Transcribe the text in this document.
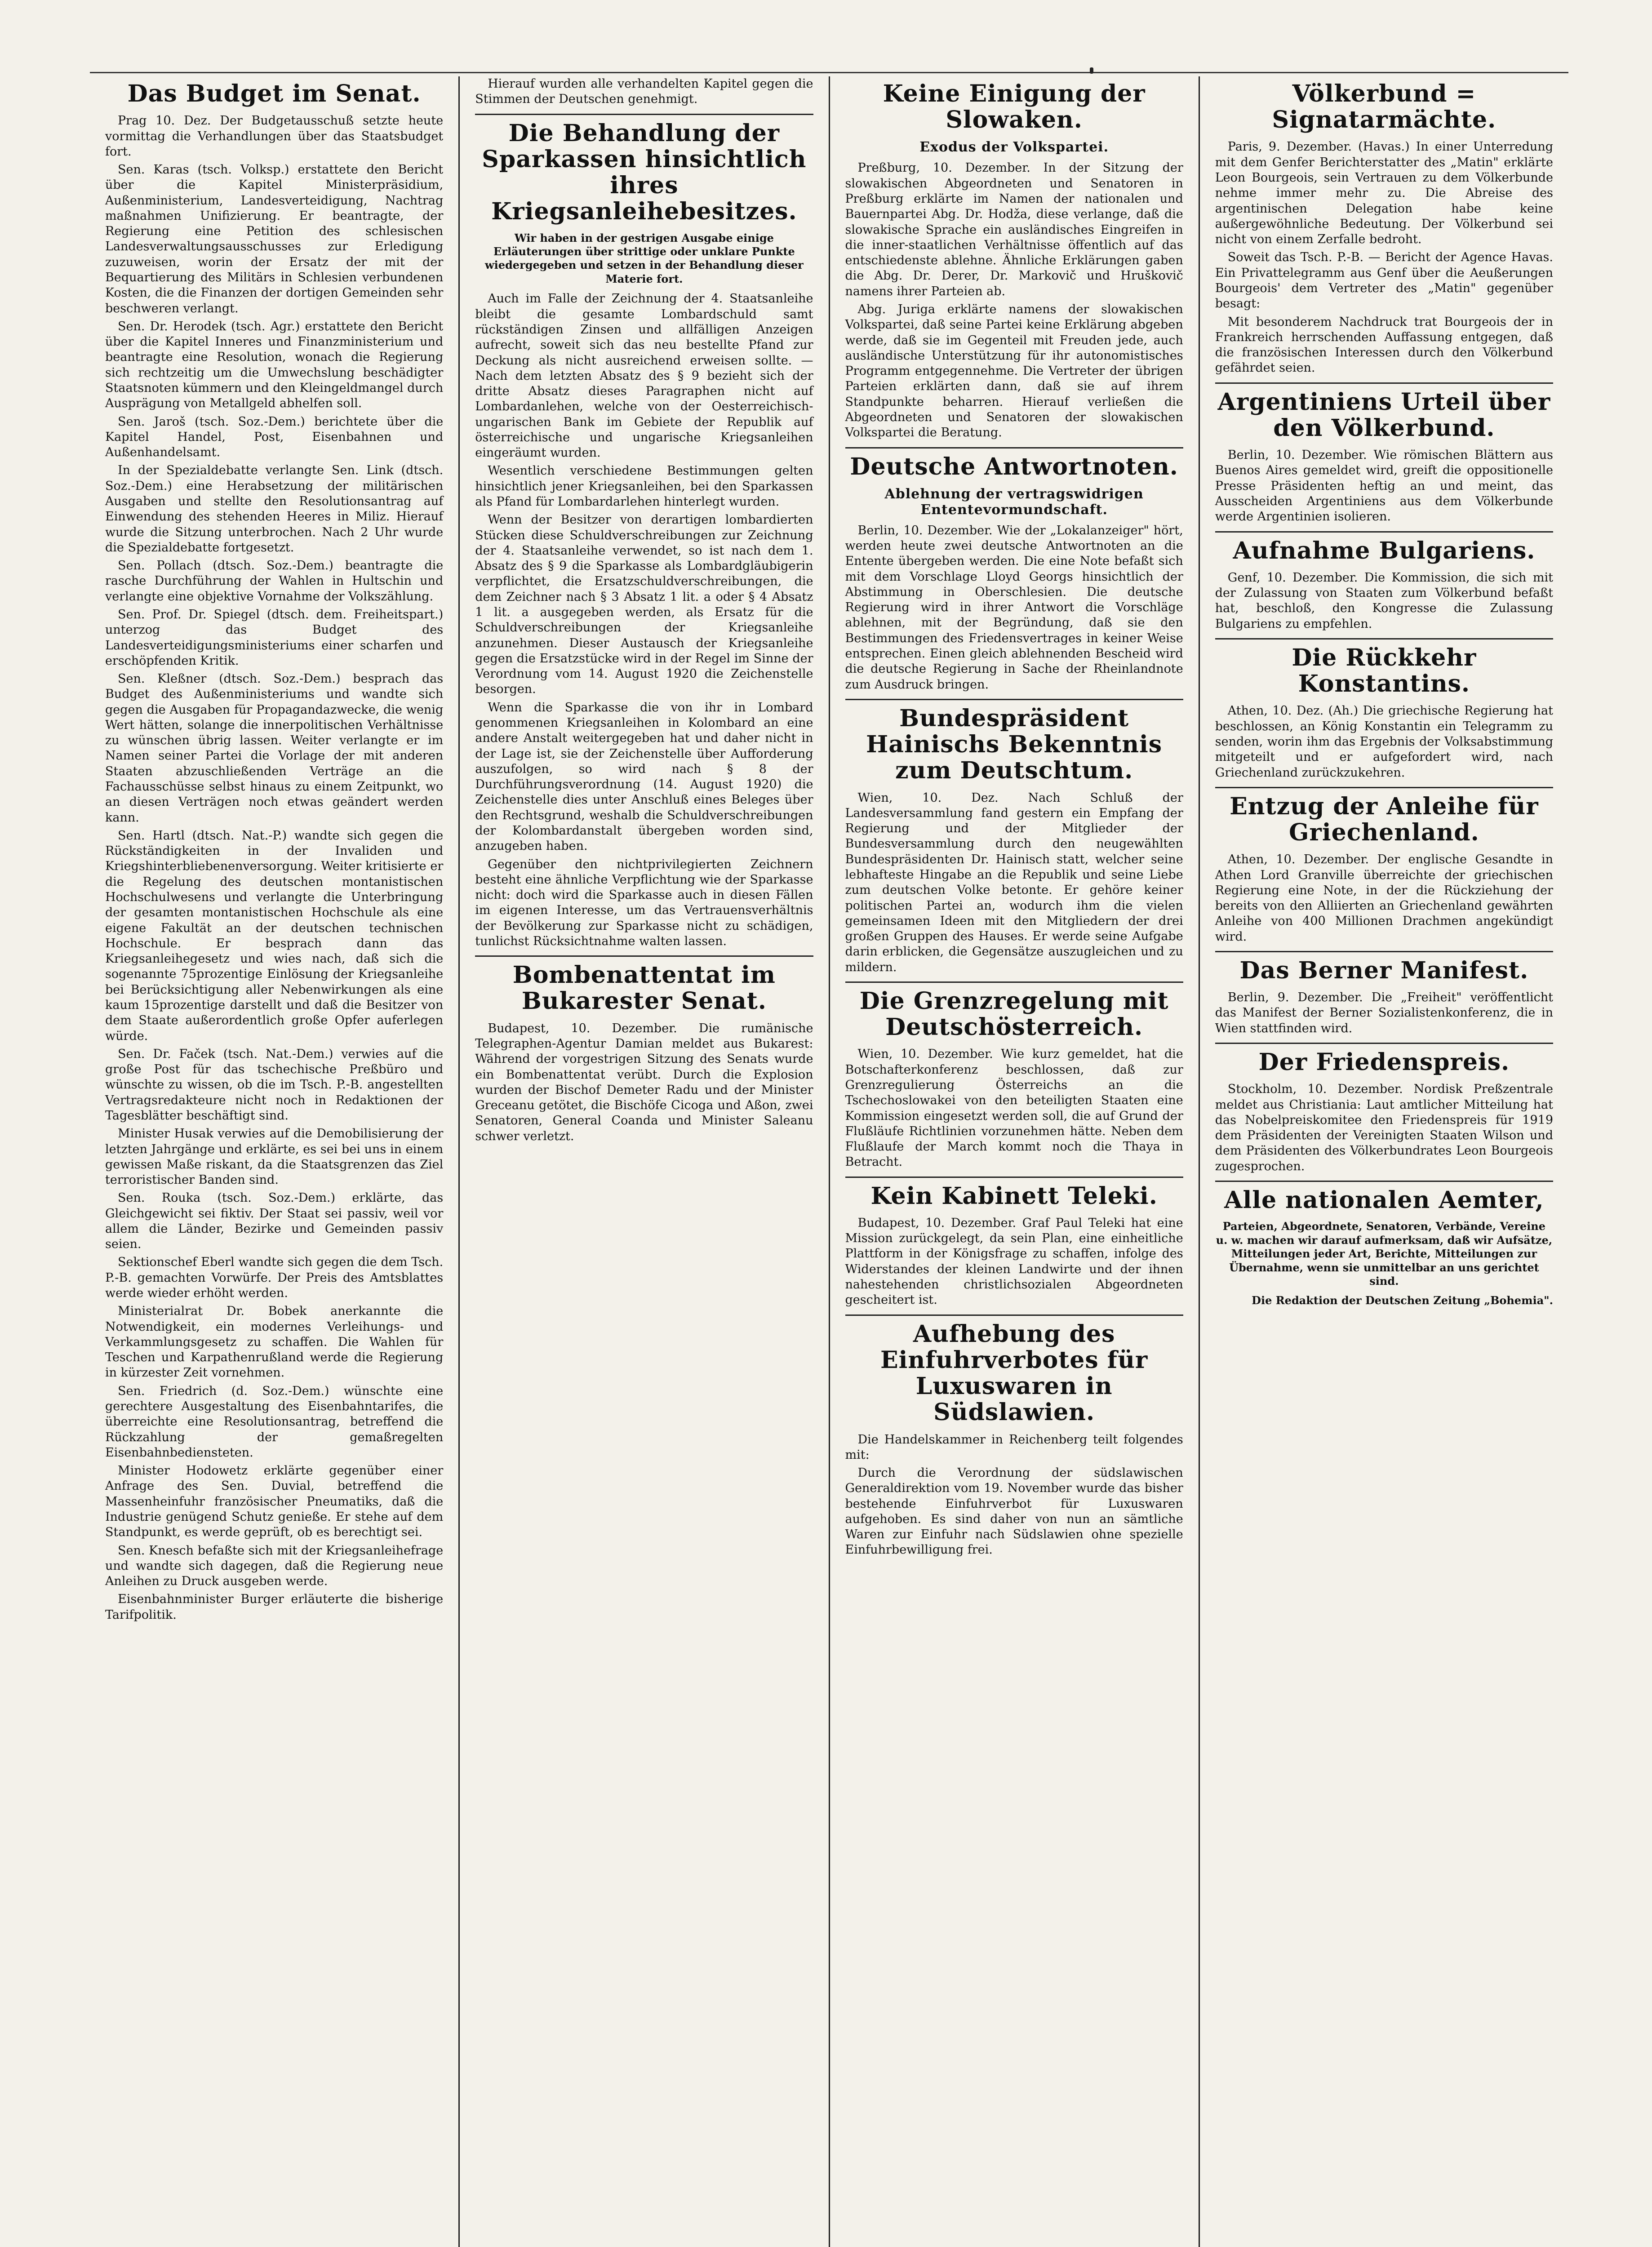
Das Budget im Senat.

Prag 10. Dez. Der Budgetausschuß setzte heute vormittag die Verhandlungen über das Staatsbudget fort.

Sen. Karas (tsch. Volksp.) erstattete den Bericht über die Kapitel Ministerpräsidium, Außenministerium, Landesverteidigung, Nachtrag maßnahmen Unifizierung. Er beantragte, der Regierung eine Petition des schlesischen Landesverwaltungsausschusses zur Erledigung zuzuweisen, worin der Ersatz der mit der Bequartierung des Militärs in Schlesien verbundenen Kosten, die die Finanzen der dortigen Gemeinden sehr beschweren verlangt.

Sen. Dr. Herodek (tsch. Agr.) erstattete den Bericht über die Kapitel Inneres und Finanzministerium und beantragte eine Resolution, wonach die Regierung sich rechtzeitig um die Umwechslung beschädigter Staatsnoten kümmern und den Kleingeldmangel durch Ausprägung von Metallgeld abhelfen soll.

Sen. Jaroš (tsch. Soz.-Dem.) berichtete über die Kapitel Handel, Post, Eisenbahnen und Außenhandelsamt.

In der Spezialdebatte verlangte Sen. Link (dtsch. Soz.-Dem.) eine Herabsetzung der militärischen Ausgaben und stellte den Resolutionsantrag auf Einwendung des stehenden Heeres in Miliz. Hierauf wurde die Sitzung unterbrochen. Nach 2 Uhr wurde die Spezialdebatte fortgesetzt.

Sen. Pollach (dtsch. Soz.-Dem.) beantragte die rasche Durchführung der Wahlen in Hultschin und verlangte eine objektive Vornahme der Volkszählung.

Sen. Prof. Dr. Spiegel (dtsch. dem. Freiheitspart.) unterzog das Budget des Landesverteidigungsministeriums einer scharfen und erschöpfenden Kritik.

Sen. Kleßner (dtsch. Soz.-Dem.) besprach das Budget des Außenministeriums und wandte sich gegen die Ausgaben für Propagandazwecke, die wenig Wert hätten, solange die innerpolitischen Verhältnisse zu wünschen übrig lassen. Weiter verlangte er im Namen seiner Partei die Vorlage der mit anderen Staaten abzuschließenden Verträge an die Fachausschüsse selbst hinaus zu einem Zeitpunkt, wo an diesen Verträgen noch etwas geändert werden kann.

Sen. Hartl (dtsch. Nat.-P.) wandte sich gegen die Rückständigkeiten in der Invaliden und Kriegshinterbliebenenversorgung. Weiter kritisierte er die Regelung des deutschen montanistischen Hochschulwesens und verlangte die Unterbringung der gesamten montanistischen Hochschule als eine eigene Fakultät an der deutschen technischen Hochschule. Er besprach dann das Kriegsanleihegesetz und wies nach, daß sich die sogenannte 75prozentige Einlösung der Kriegsanleihe bei Berücksichtigung aller Nebenwirkungen als eine kaum 15prozentige darstellt und daß die Besitzer von dem Staate außerordentlich große Opfer auferlegen würde.

Sen. Dr. Faček (tsch. Nat.-Dem.) verwies auf die große Post für das tschechische Preßbüro und wünschte zu wissen, ob die im Tsch. P.-B. angestellten Vertragsredakteure nicht noch in Redaktionen der Tagesblätter beschäftigt sind.

Minister Husak verwies auf die Demobilisierung der letzten Jahrgänge und erklärte, es sei bei uns in einem gewissen Maße riskant, da die Staatsgrenzen das Ziel terroristischer Banden sind.

Sen. Rouka (tsch. Soz.-Dem.) erklärte, das Gleichgewicht sei fiktiv. Der Staat sei passiv, weil vor allem die Länder, Bezirke und Gemeinden passiv seien.

Sektionschef Eberl wandte sich gegen die dem Tsch. P.-B. gemachten Vorwürfe. Der Preis des Amtsblattes werde wieder erhöht werden.

Ministerialrat Dr. Bobek anerkannte die Notwendigkeit, ein modernes Verleihungs- und Verkammlungsgesetz zu schaffen. Die Wahlen für Teschen und Karpathenrußland werde die Regierung in kürzester Zeit vornehmen.

Sen. Friedrich (d. Soz.-Dem.) wünschte eine gerechtere Ausgestaltung des Eisenbahntarifes, die überreichte eine Resolutionsantrag, betreffend die Rückzahlung der gemaßregelten Eisenbahnbediensteten.

Minister Hodowetz erklärte gegenüber einer Anfrage des Sen. Duvial, betreffend die Massenheinfuhr französischer Pneumatiks, daß die Industrie genügend Schutz genieße. Er stehe auf dem Standpunkt, es werde geprüft, ob es berechtigt sei.

Sen. Knesch befaßte sich mit der Kriegsanleihefrage und wandte sich dagegen, daß die Regierung neue Anleihen zu Druck ausgeben werde.

Eisenbahnminister Burger erläuterte die bisherige Tarifpolitik.

Hierauf wurden alle verhandelten Kapitel gegen die Stimmen der Deutschen genehmigt.

Die Behandlung der Sparkassen hinsichtlich ihres Kriegsanleihebesitzes.

Wir haben in der gestrigen Ausgabe einige Erläuterungen über strittige oder unklare Punkte wiedergegeben und setzen in der Behandlung dieser Materie fort.

Auch im Falle der Zeichnung der 4. Staatsanleihe bleibt die gesamte Lombardschuld samt rückständigen Zinsen und allfälligen Anzeigen aufrecht, soweit sich das neu bestellte Pfand zur Deckung als nicht ausreichend erweisen sollte. — Nach dem letzten Absatz des § 9 bezieht sich der dritte Absatz dieses Paragraphen nicht auf Lombardanlehen, welche von der Oesterreichisch-ungarischen Bank im Gebiete der Republik auf österreichische und ungarische Kriegsanleihen eingeräumt wurden.

Wesentlich verschiedene Bestimmungen gelten hinsichtlich jener Kriegsanleihen, bei den Sparkassen als Pfand für Lombardarlehen hinterlegt wurden.

Wenn der Besitzer von derartigen lombardierten Stücken diese Schuldverschreibungen zur Zeichnung der 4. Staatsanleihe verwendet, so ist nach dem 1. Absatz des § 9 die Sparkasse als Lombardgläubigerin verpflichtet, die Ersatzschuldverschreibungen, die dem Zeichner nach § 3 Absatz 1 lit. a oder § 4 Absatz 1 lit. a ausgegeben werden, als Ersatz für die Schuldverschreibungen der Kriegsanleihe anzunehmen. Dieser Austausch der Kriegsanleihe gegen die Ersatzstücke wird in der Regel im Sinne der Verordnung vom 14. August 1920 die Zeichenstelle besorgen.

Wenn die Sparkasse die von ihr in Lombard genommenen Kriegsanleihen in Kolombard an eine andere Anstalt weitergegeben hat und daher nicht in der Lage ist, sie der Zeichenstelle über Aufforderung auszufolgen, so wird nach § 8 der Durchführungsverordnung (14. August 1920) die Zeichenstelle dies unter Anschluß eines Beleges über den Rechtsgrund, weshalb die Schuldverschreibungen der Kolombardanstalt übergeben worden sind, anzugeben haben.

Gegenüber den nichtprivilegierten Zeichnern besteht eine ähnliche Verpflichtung wie der Sparkasse nicht: doch wird die Sparkasse auch in diesen Fällen im eigenen Interesse, um das Vertrauensverhältnis der Bevölkerung zur Sparkasse nicht zu schädigen, tunlichst Rücksichtnahme walten lassen.

Bombenattentat im Bukarester Senat.

Budapest, 10. Dezember. Die rumänische Telegraphen-Agentur Damian meldet aus Bukarest: Während der vorgestrigen Sitzung des Senats wurde ein Bombenattentat verübt. Durch die Explosion wurden der Bischof Demeter Radu und der Minister Greceanu getötet, die Bischöfe Cicoga und Aßon, zwei Senatoren, General Coanda und Minister Saleanu schwer verletzt.

Keine Einigung der Slowaken.
Exodus der Volkspartei.

Preßburg, 10. Dezember. In der Sitzung der slowakischen Abgeordneten und Senatoren in Preßburg erklärte im Namen der nationalen und Bauernpartei Abg. Dr. Hodža, diese verlange, daß die slowakische Sprache ein ausländisches Eingreifen in die inner-staatlichen Verhältnisse öffentlich auf das entschiedenste ablehne. Ähnliche Erklärungen gaben die Abg. Dr. Derer, Dr. Markovič und Hruškovič namens ihrer Parteien ab.

Abg. Juriga erklärte namens der slowakischen Volkspartei, daß seine Partei keine Erklärung abgeben werde, daß sie im Gegenteil mit Freuden jede, auch ausländische Unterstützung für ihr autonomistisches Programm entgegennehme. Die Vertreter der übrigen Parteien erklärten dann, daß sie auf ihrem Standpunkte beharren. Hierauf verließen die Abgeordneten und Senatoren der slowakischen Volkspartei die Beratung.

Deutsche Antwortnoten.
Ablehnung der vertragswidrigen Ententevormundschaft.

Berlin, 10. Dezember. Wie der „Lokalanzeiger" hört, werden heute zwei deutsche Antwortnoten an die Entente übergeben werden. Die eine Note befaßt sich mit dem Vorschlage Lloyd Georgs hinsichtlich der Abstimmung in Oberschlesien. Die deutsche Regierung wird in ihrer Antwort die Vorschläge ablehnen, mit der Begründung, daß sie den Bestimmungen des Friedensvertrages in keiner Weise entsprechen. Einen gleich ablehnenden Bescheid wird die deutsche Regierung in Sache der Rheinlandnote zum Ausdruck bringen.

Bundespräsident Hainischs Bekenntnis zum Deutschtum.

Wien, 10. Dez. Nach Schluß der Landesversammlung fand gestern ein Empfang der Regierung und der Mitglieder der Bundesversammlung durch den neugewählten Bundespräsidenten Dr. Hainisch statt, welcher seine lebhafteste Hingabe an die Republik und seine Liebe zum deutschen Volke betonte. Er gehöre keiner politischen Partei an, wodurch ihm die vielen gemeinsamen Ideen mit den Mitgliedern der drei großen Gruppen des Hauses. Er werde seine Aufgabe darin erblicken, die Gegensätze auszugleichen und zu mildern.

Die Grenzregelung mit Deutschösterreich.

Wien, 10. Dezember. Wie kurz gemeldet, hat die Botschafterkonferenz beschlossen, daß zur Grenzregulierung Österreichs an die Tschechoslowakei von den beteiligten Staaten eine Kommission eingesetzt werden soll, die auf Grund der Flußläufe Richtlinien vorzunehmen hätte. Neben dem Flußlaufe der March kommt noch die Thaya in Betracht.

Kein Kabinett Teleki.

Budapest, 10. Dezember. Graf Paul Teleki hat eine Mission zurückgelegt, da sein Plan, eine einheitliche Plattform in der Königsfrage zu schaffen, infolge des Widerstandes der kleinen Landwirte und der ihnen nahestehenden christlichsozialen Abgeordneten gescheitert ist.

Aufhebung des Einfuhrverbotes für Luxuswaren in Südslawien.

Die Handelskammer in Reichenberg teilt folgendes mit:

Durch die Verordnung der südslawischen Generaldirektion vom 19. November wurde das bisher bestehende Einfuhrverbot für Luxuswaren aufgehoben. Es sind daher von nun an sämtliche Waren zur Einfuhr nach Südslawien ohne spezielle Einfuhrbewilligung frei.

Völkerbund = Signatarmächte.

Paris, 9. Dezember. (Havas.) In einer Unterredung mit dem Genfer Berichterstatter des „Matin" erklärte Leon Bourgeois, sein Vertrauen zu dem Völkerbunde nehme immer mehr zu. Die Abreise des argentinischen Delegation habe keine außergewöhnliche Bedeutung. Der Völkerbund sei nicht von einem Zerfalle bedroht.

Soweit das Tsch. P.-B. — Bericht der Agence Havas. Ein Privattelegramm aus Genf über die Aeußerungen Bourgeois' dem Vertreter des „Matin" gegenüber besagt:

Mit besonderem Nachdruck trat Bourgeois der in Frankreich herrschenden Auffassung entgegen, daß die französischen Interessen durch den Völkerbund gefährdet seien.

Argentiniens Urteil über den Völkerbund.

Berlin, 10. Dezember. Wie römischen Blättern aus Buenos Aires gemeldet wird, greift die oppositionelle Presse Präsidenten heftig an und meint, das Ausscheiden Argentiniens aus dem Völkerbunde werde Argentinien isolieren.

Aufnahme Bulgariens.

Genf, 10. Dezember. Die Kommission, die sich mit der Zulassung von Staaten zum Völkerbund befaßt hat, beschloß, den Kongresse die Zulassung Bulgariens zu empfehlen.

Die Rückkehr Konstantins.

Athen, 10. Dez. (Ah.) Die griechische Regierung hat beschlossen, an König Konstantin ein Telegramm zu senden, worin ihm das Ergebnis der Volksabstimmung mitgeteilt und er aufgefordert wird, nach Griechenland zurückzukehren.

Entzug der Anleihe für Griechenland.

Athen, 10. Dezember. Der englische Gesandte in Athen Lord Granville überreichte der griechischen Regierung eine Note, in der die Rückziehung der bereits von den Alliierten an Griechenland gewährten Anleihe von 400 Millionen Drachmen angekündigt wird.

Das Berner Manifest.

Berlin, 9. Dezember. Die „Freiheit" veröffentlicht das Manifest der Berner Sozialistenkonferenz, die in Wien stattfinden wird.

Der Friedenspreis.

Stockholm, 10. Dezember. Nordisk Preßzentrale meldet aus Christiania: Laut amtlicher Mitteilung hat das Nobelpreiskomitee den Friedenspreis für 1919 dem Präsidenten der Vereinigten Staaten Wilson und dem Präsidenten des Völkerbundrates Leon Bourgeois zugesprochen.

Alle nationalen Aemter,

Parteien, Abgeordnete, Senatoren, Verbände, Vereine u. w. machen wir darauf aufmerksam, daß wir Aufsätze, Mitteilungen jeder Art, Berichte, Mitteilungen zur Übernahme, wenn sie unmittelbar an uns gerichtet sind.

Die Redaktion der Deutschen Zeitung „Bohemia".
